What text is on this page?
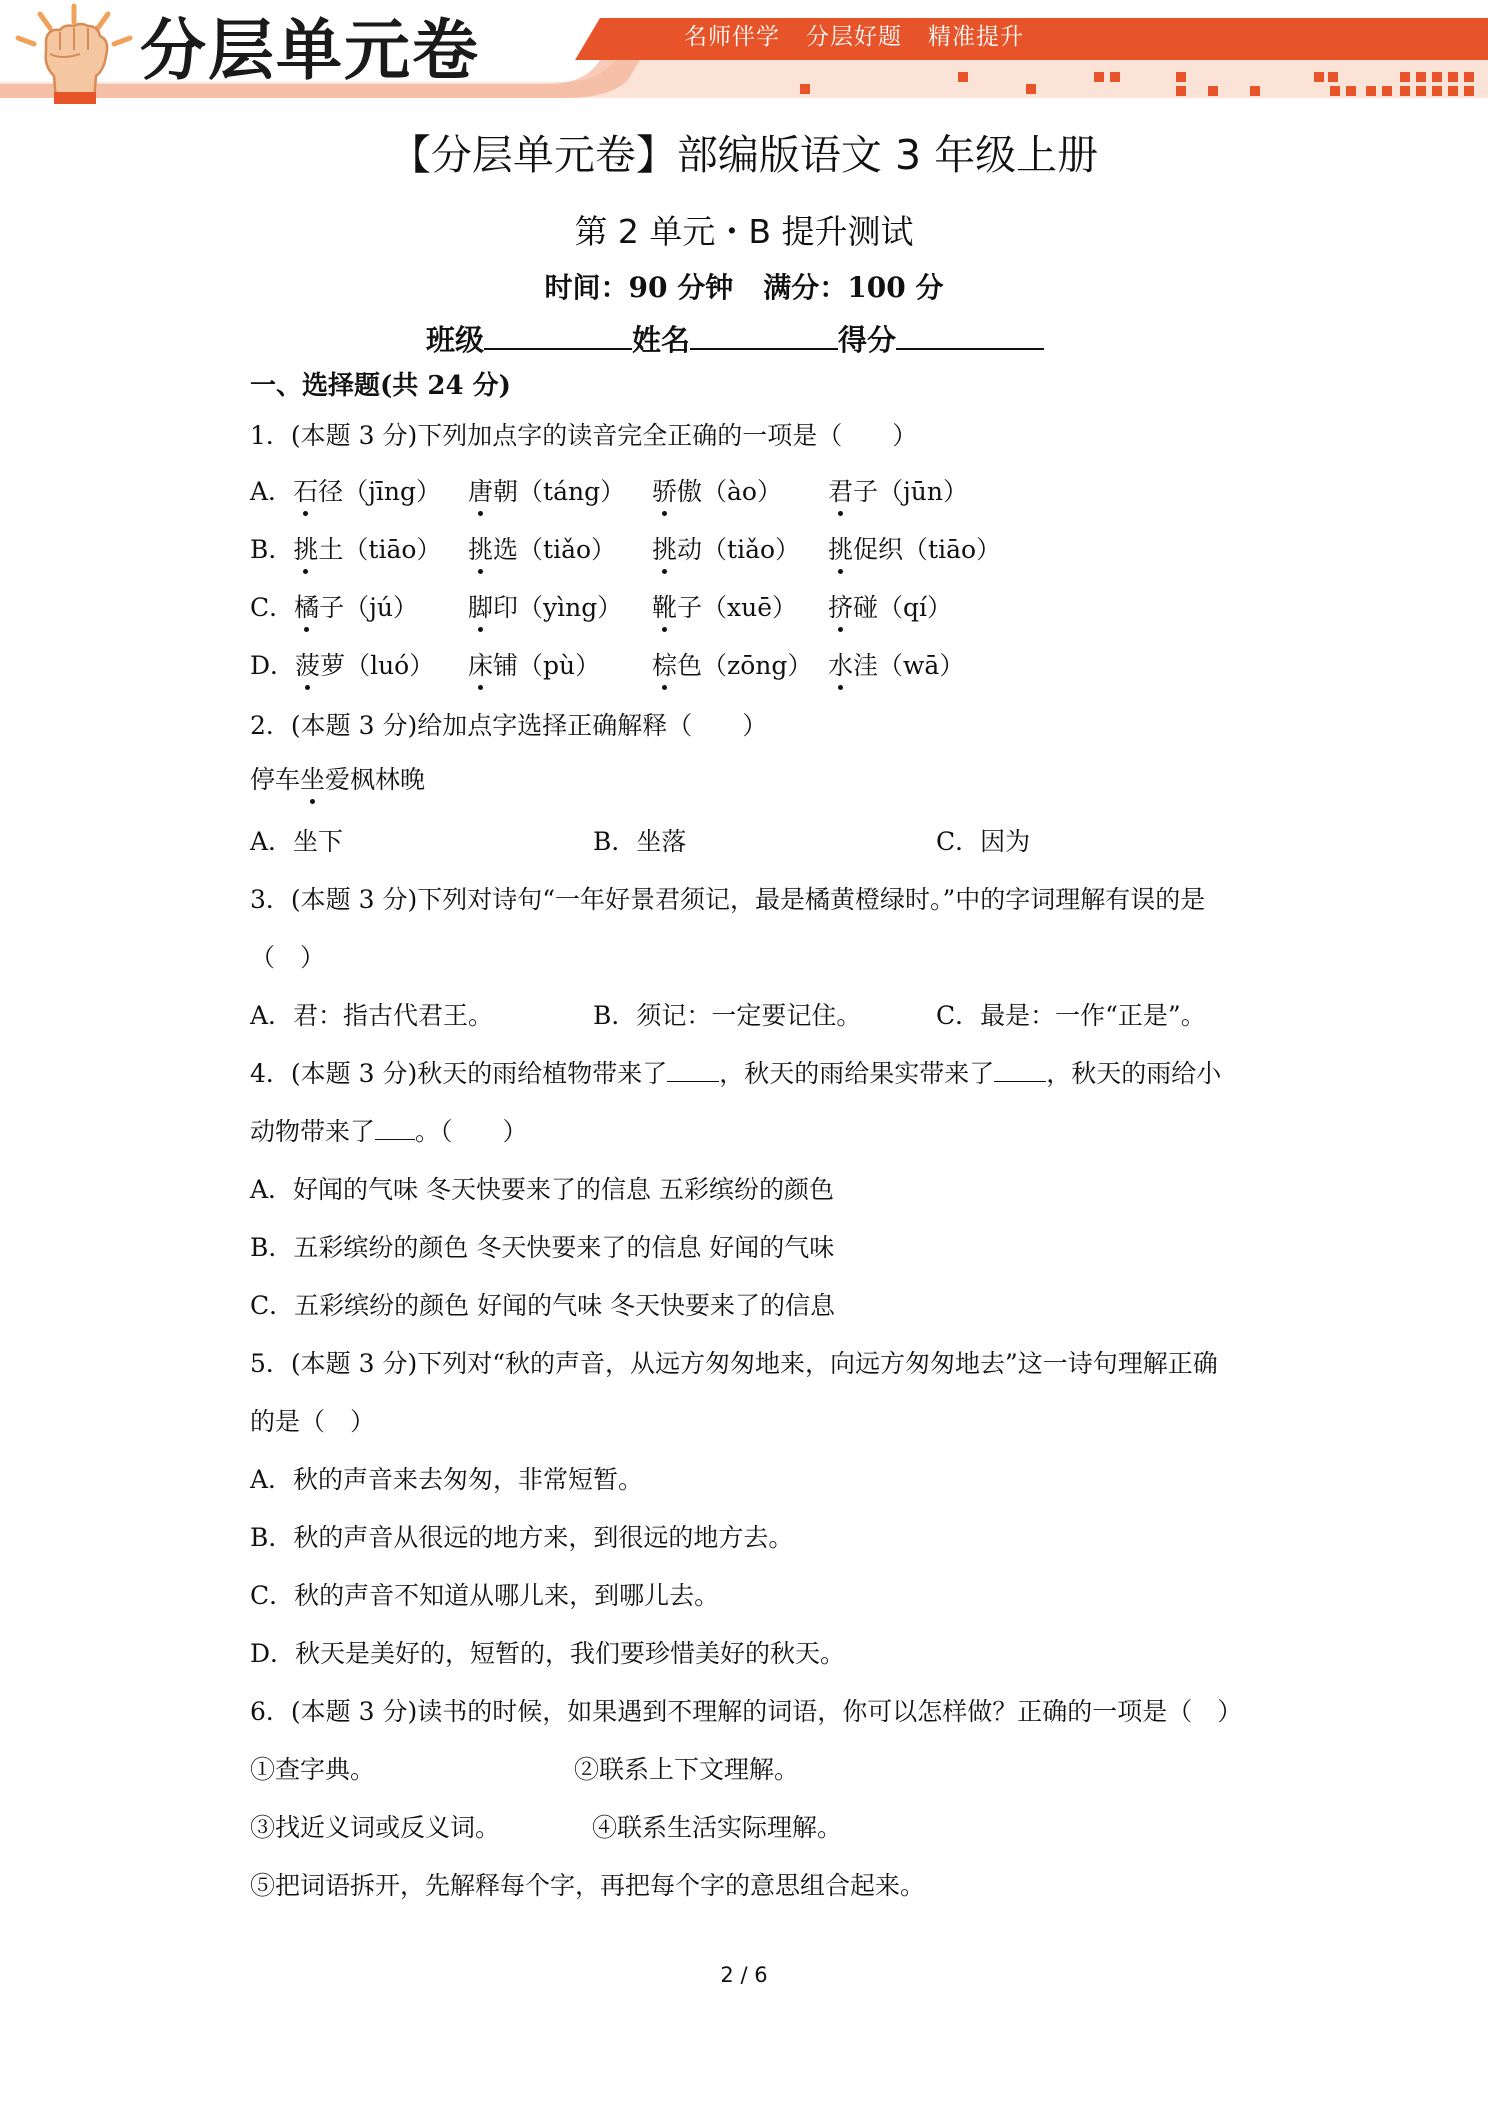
分层单元卷	名师伴学 分层好题 精准提升
【分层单元卷】部编版语文 3 年级上册
第 2 单元・B 提升测试
时间：90 分钟 满分：100 分
班级	姓名	得分
一、选择题(共 24 分)
1．(本题 3 分)下列加点字的读音完全正确的一项是（　　）
A．石径（jīng） 唐朝（táng） 骄傲（ào） 君子（jūn）
B．挑土（tiāo） 挑选（tiǎo） 挑动（tiǎo） 挑促织（tiāo）
C．橘子（jú） 脚印（yìng） 靴子（xuē） 挤碰（qí）
D．菠萝（luó） 床铺（pù） 棕色（zōng） 水洼（wā）
2．(本题 3 分)给加点字选择正确解释（　　）
停车坐爱枫林晚
A．坐下	B．坐落	C．因为
3．(本题 3 分)下列对诗句“一年好景君须记，最是橘黄橙绿时。”中的字词理解有误的是
（　）
A．君：指古代君王。	B．须记：一定要记住。	C．最是：一作“正是”。
4．(本题 3 分)秋天的雨给植物带来了 ，秋天的雨给果实带来了 ，秋天的雨给小
动物带来了 。（　　）
A．好闻的气味 冬天快要来了的信息 五彩缤纷的颜色
B．五彩缤纷的颜色 冬天快要来了的信息 好闻的气味
C．五彩缤纷的颜色 好闻的气味 冬天快要来了的信息
5．(本题 3 分)下列对“秋的声音，从远方匆匆地来，向远方匆匆地去”这一诗句理解正确
的是（　）
A．秋的声音来去匆匆，非常短暂。
B．秋的声音从很远的地方来，到很远的地方去。
C．秋的声音不知道从哪儿来，到哪儿去。
D．秋天是美好的，短暂的，我们要珍惜美好的秋天。
6．(本题 3 分)读书的时候，如果遇到不理解的词语，你可以怎样做？正确的一项是（　）
①查字典。	②联系上下文理解。
③找近义词或反义词。	④联系生活实际理解。
⑤把词语拆开，先解释每个字，再把每个字的意思组合起来。
2 / 6
